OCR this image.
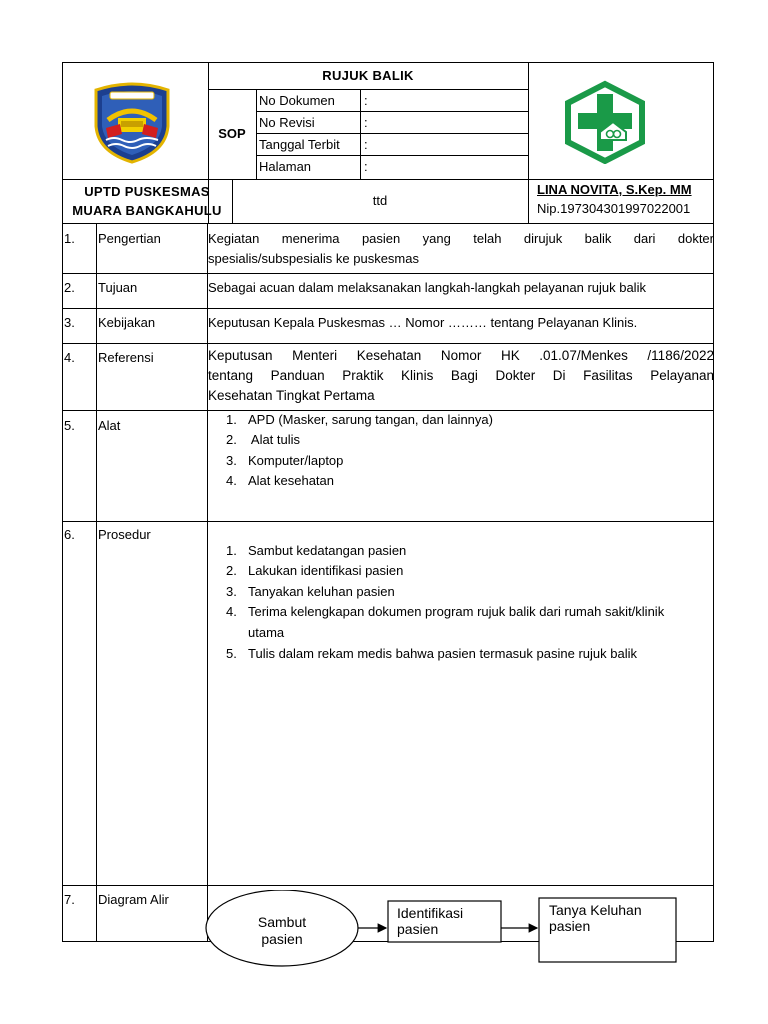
RUJUK BALIK
SOP
No Dokumen :
No Revisi	:
Tanggal Terbit :
Halaman	:
UPTD PUSKESMAS
MUARA BANGKAHULU
ttd
LINA NOVITA, S.Kep. MM
Nip.197304301997022001
1. Pengertian	Kegiatan menerima pasien yang telah dirujuk balik dari dokter
spesialis/subspesialis ke puskesmas
2. Tujuan	Sebagai acuan dalam melaksanakan langkah-langkah pelayanan rujuk balik
3. Kebijakan	Keputusan Kepala Puskesmas … Nomor ……… tentang Pelayanan Klinis.
4. Referensi	Keputusan Menteri Kesehatan Nomor HK .01.07/Menkes /1186/2022
tentang Panduan Praktik Klinis Bagi Dokter Di Fasilitas Pelayanan
Kesehatan Tingkat Pertama
5. Alat	1. APD (Masker, sarung tangan, dan lainnya)
2. Alat tulis
3. Komputer/laptop
4. Alat kesehatan
6. Prosedur
1. Sambut kedatangan pasien
2. Lakukan identifikasi pasien
3. Tanyakan keluhan pasien
4. Terima kelengkapan dokumen program rujuk balik dari rumah sakit/klinik
utama
5. Tulis dalam rekam medis bahwa pasien termasuk pasine rujuk balik
7. Diagram Alir
Sambut
pasien
Identifikasi
pasien
Tanya Keluhan
pasien
